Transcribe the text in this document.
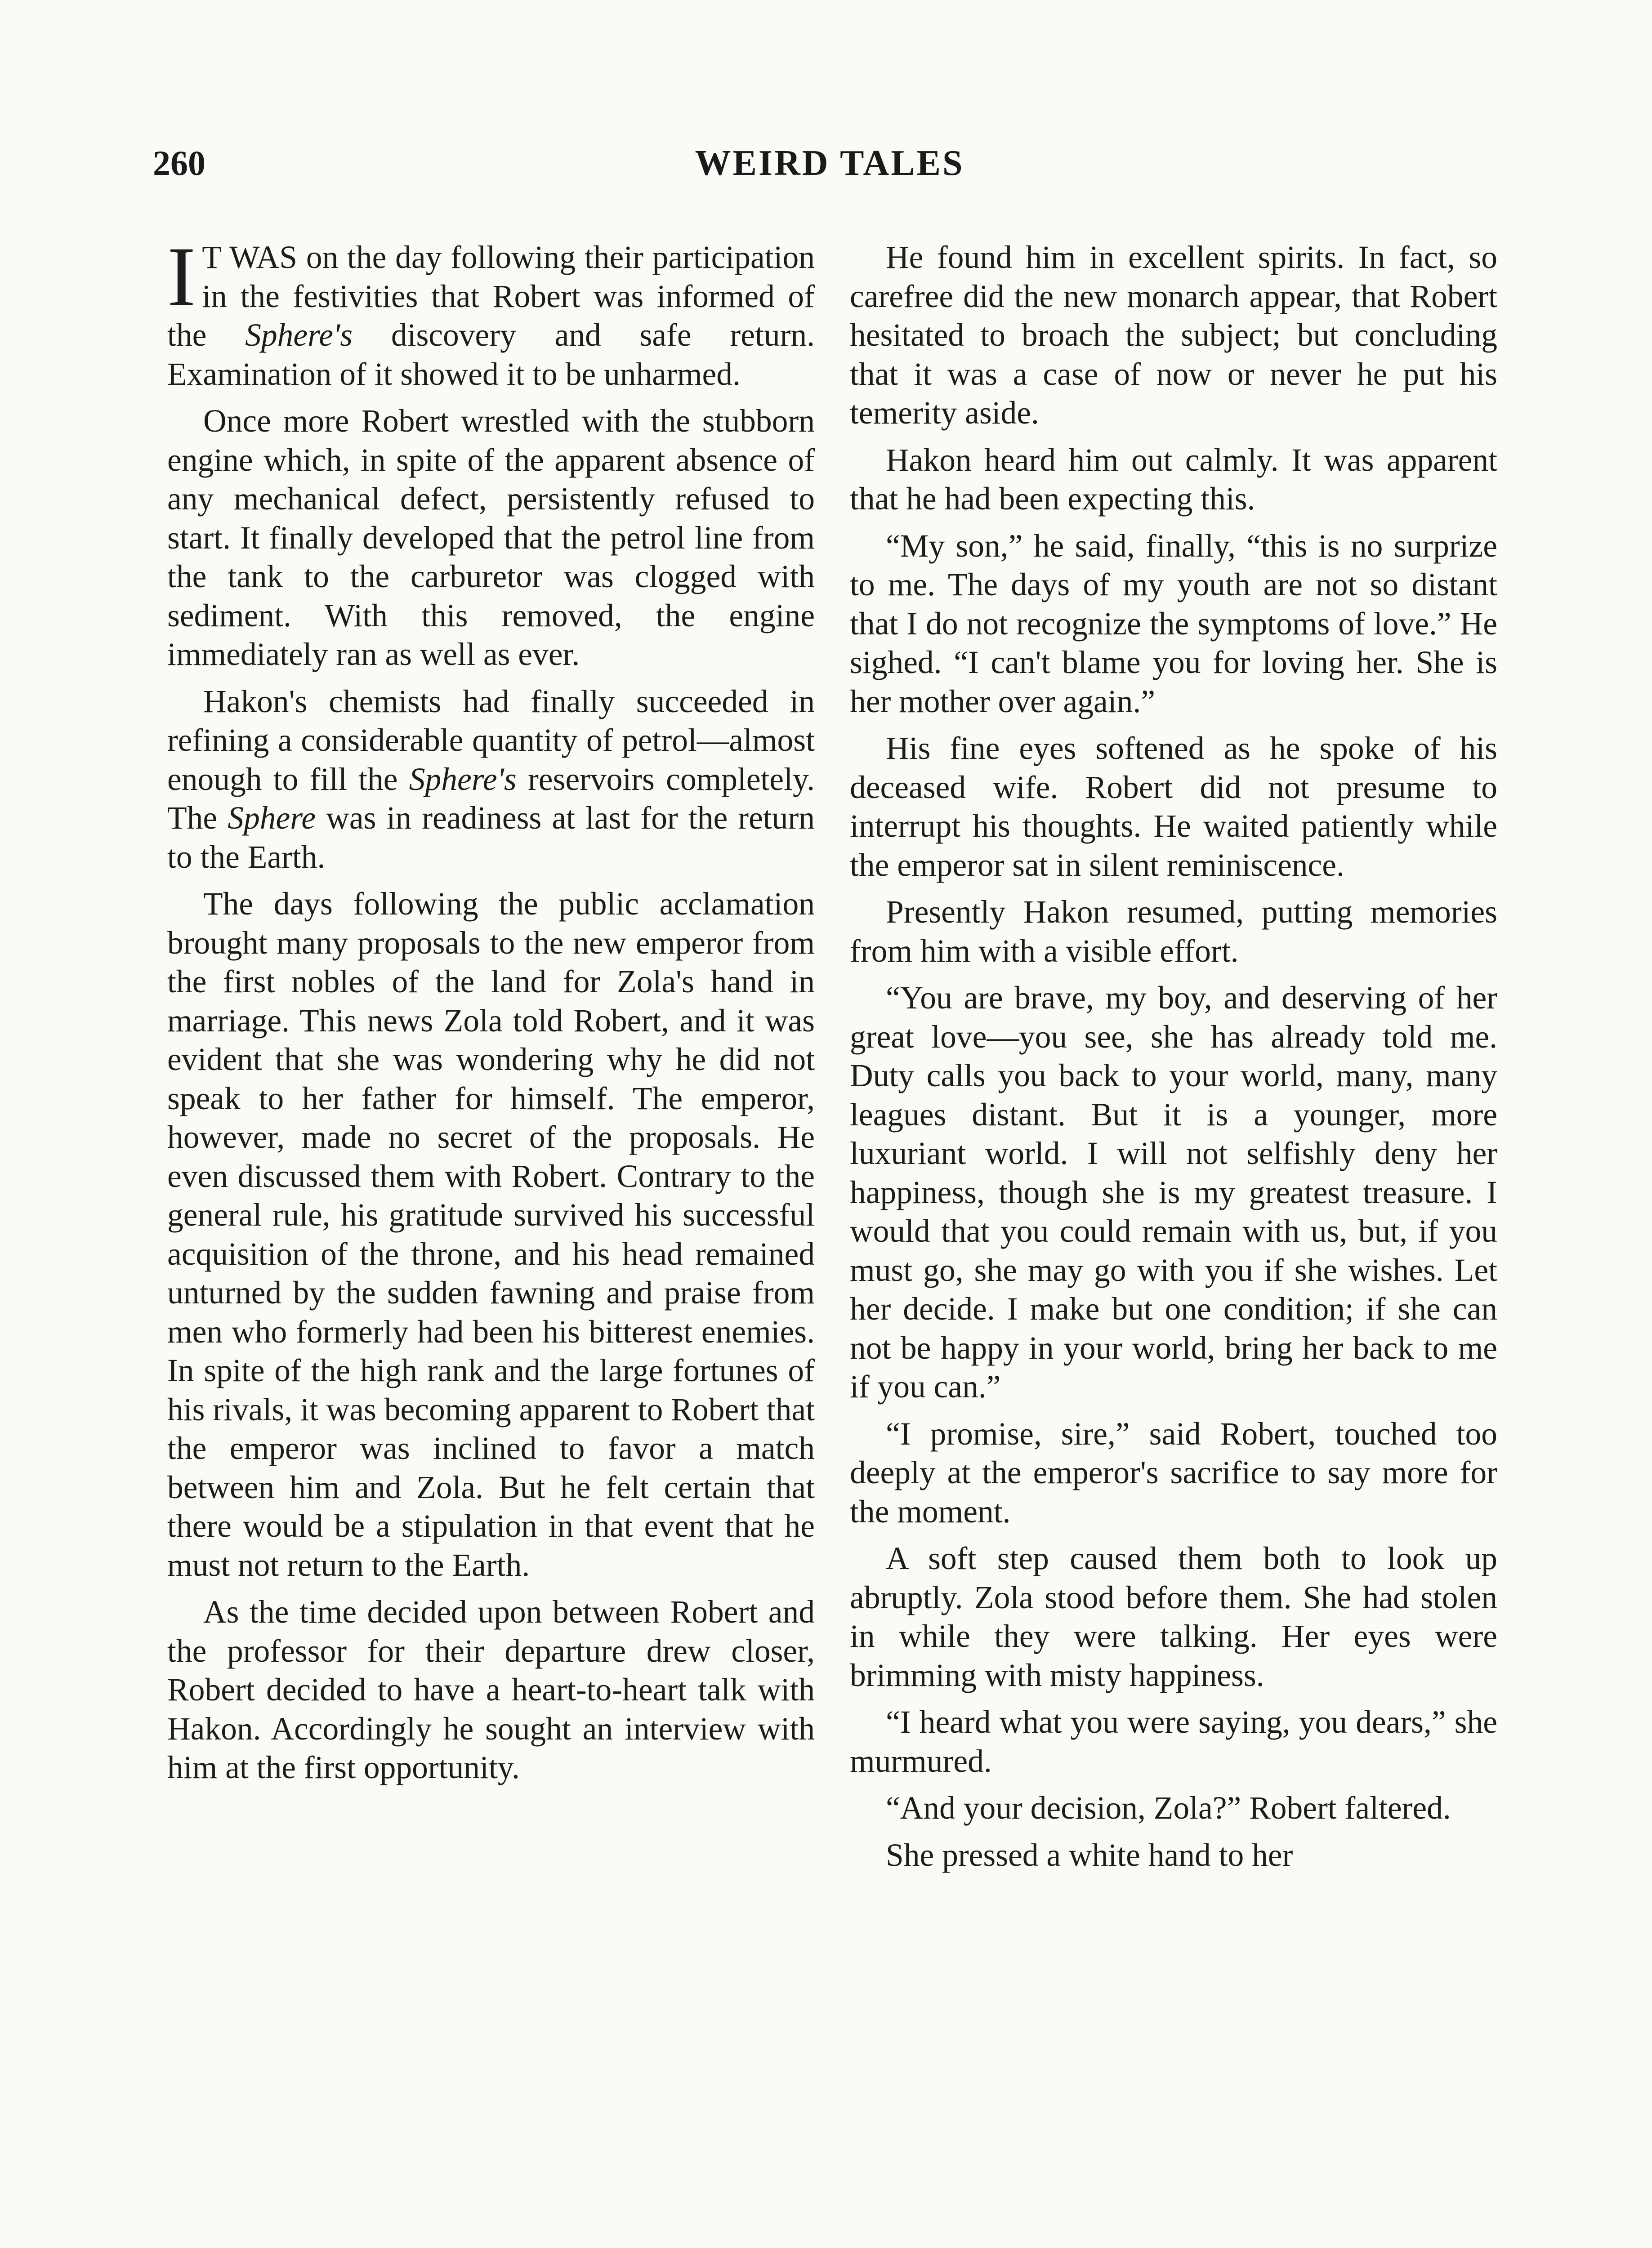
260	WEIRD TALES

I T WAS on the day following their participation in the festivities that Robert was informed of the Sphere's discovery and safe return. Examination of it showed it to be unharmed.

Once more Robert wrestled with the stubborn engine which, in spite of the apparent absence of any mechanical defect, persistently refused to start. It finally developed that the petrol line from the tank to the carburetor was clogged with sediment. With this removed, the engine immediately ran as well as ever.

Hakon's chemists had finally succeeded in refining a considerable quantity of petrol—almost enough to fill the Sphere's reservoirs completely. The Sphere was in readiness at last for the return to the Earth.

The days following the public acclamation brought many proposals to the new emperor from the first nobles of the land for Zola's hand in marriage. This news Zola told Robert, and it was evident that she was wondering why he did not speak to her father for himself. The emperor, however, made no secret of the proposals. He even discussed them with Robert. Contrary to the general rule, his gratitude survived his successful acquisition of the throne, and his head remained unturned by the sudden fawning and praise from men who formerly had been his bitterest enemies. In spite of the high rank and the large fortunes of his rivals, it was becoming apparent to Robert that the emperor was inclined to favor a match between him and Zola. But he felt certain that there would be a stipulation in that event that he must not return to the Earth.

As the time decided upon between Robert and the professor for their departure drew closer, Robert decided to have a heart-to-heart talk with Hakon. Accordingly he sought an interview with him at the first opportunity.

He found him in excellent spirits. In fact, so carefree did the new monarch appear, that Robert hesitated to broach the subject; but concluding that it was a case of now or never he put his temerity aside.

Hakon heard him out calmly. It was apparent that he had been expecting this.

“My son,” he said, finally, “this is no surprize to me. The days of my youth are not so distant that I do not recognize the symptoms of love.” He sighed. “I can't blame you for loving her. She is her mother over again.”

His fine eyes softened as he spoke of his deceased wife. Robert did not presume to interrupt his thoughts. He waited patiently while the emperor sat in silent reminiscence.

Presently Hakon resumed, putting memories from him with a visible effort.

“You are brave, my boy, and deserving of her great love—you see, she has already told me. Duty calls you back to your world, many, many leagues distant. But it is a younger, more luxuriant world. I will not selfishly deny her happiness, though she is my greatest treasure. I would that you could remain with us, but, if you must go, she may go with you if she wishes. Let her decide. I make but one condition; if she can not be happy in your world, bring her back to me if you can.”

“I promise, sire,” said Robert, touched too deeply at the emperor's sacrifice to say more for the moment.

A soft step caused them both to look up abruptly. Zola stood before them. She had stolen in while they were talking. Her eyes were brimming with misty happiness.

“I heard what you were saying, you dears,” she murmured.

“And your decision, Zola?” Robert faltered.

She pressed a white hand to her
